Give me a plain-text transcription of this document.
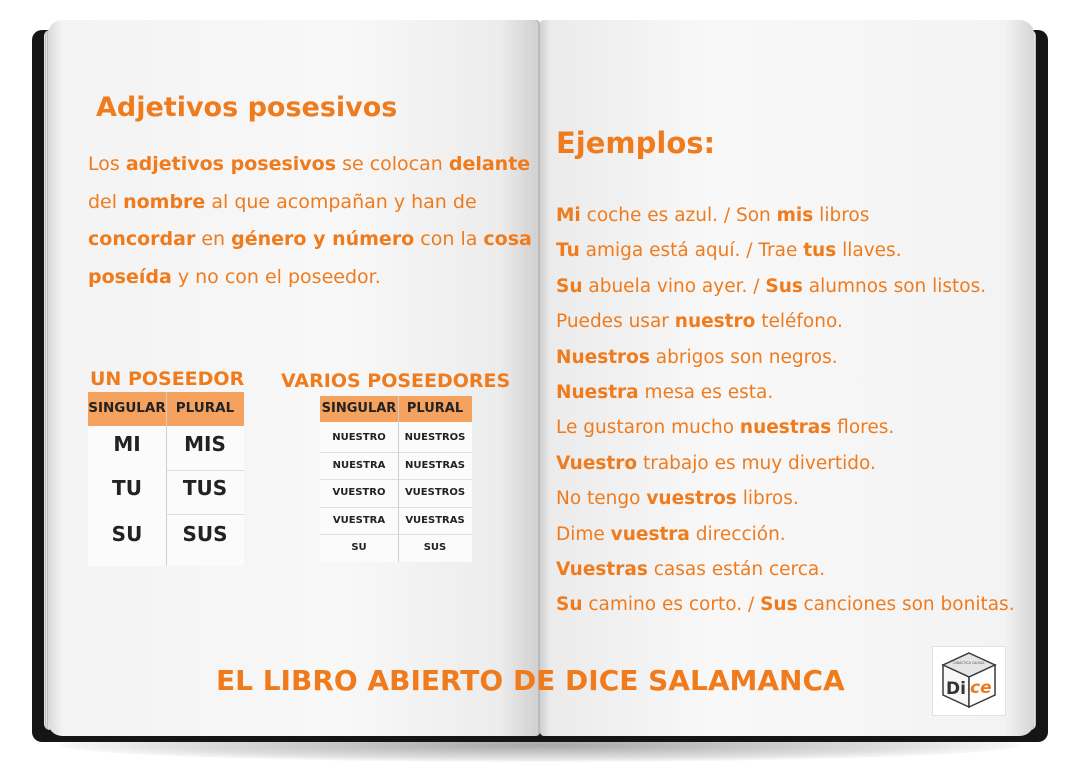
Adjetivos posesivos

Los adjetivos posesivos se colocan delante del nombre al que acompañan y han de concordar en género y número con la cosa poseída y no con el poseedor.

UN POSEEDOR
SINGULAR PLURAL
MI	MIS
TU	TUS
SU	SUS
VARIOS POSEEDORES
SINGULAR PLURAL
NUESTRO	NUESTROS
NUESTRA	NUESTRAS
VUESTRO	VUESTROS
VUESTRA	VUESTRAS
SU	SUS
Ejemplos:
Mi coche es azul. / Son mis libros
Tu amiga está aquí. / Trae tus llaves.
Su abuela vino ayer. / Sus alumnos son listos.
Puedes usar nuestro teléfono.
Nuestros abrigos son negros.
Nuestra mesa es esta.
Le gustaron mucho nuestras flores.
Vuestro trabajo es muy divertido.
No tengo vuestros libros.
Dime vuestra dirección.
Vuestras casas están cerca.
Su camino es corto. / Sus canciones son bonitas.
EL LIBRO ABIERTO DE DICE SALAMANCA
DIDÁCTICA CAUSAL
Di ce
